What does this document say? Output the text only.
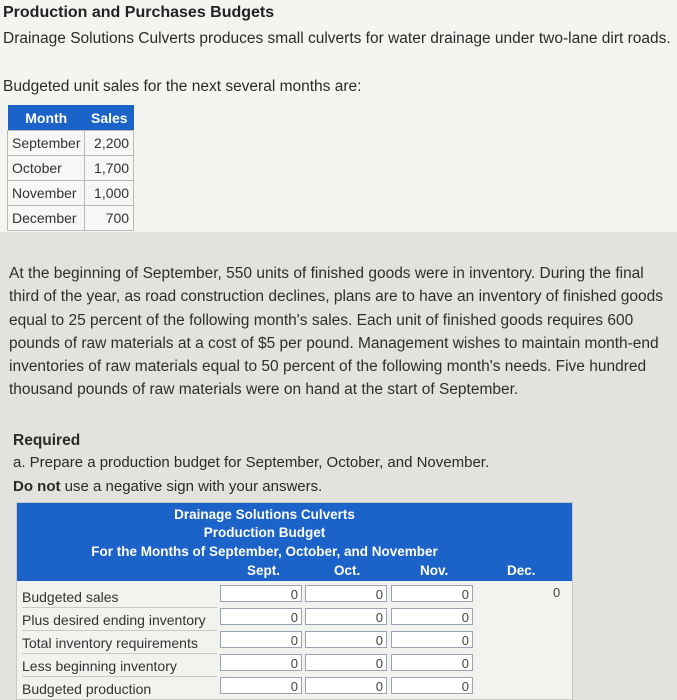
Production and Purchases Budgets
Drainage Solutions Culverts produces small culverts for water drainage under two-lane dirt roads.
Budgeted unit sales for the next several months are:
Month	Sales
September	2,200
October	1,700
November	1,000
December	700
At the beginning of September, 550 units of finished goods were in inventory. During the final third of the year, as road construction declines, plans are to have an inventory of finished goods equal to 25 percent of the following month's sales. Each unit of finished goods requires 600 pounds of raw materials at a cost of $5 per pound. Management wishes to maintain month-end inventories of raw materials equal to 50 percent of the following month's needs. Five hundred thousand pounds of raw materials were on hand at the start of September.
Required
a. Prepare a production budget for September, October, and November.
Do not use a negative sign with your answers.
Drainage Solutions Culverts
Production Budget
For the Months of September, October, and November
Sept.	Oct.	Nov.	Dec.
Budgeted sales	0	0	0	0
Plus desired ending inventory	0	0	0
Total inventory requirements	0	0	0
Less beginning inventory	0	0	0
Budgeted production	0	0	0
